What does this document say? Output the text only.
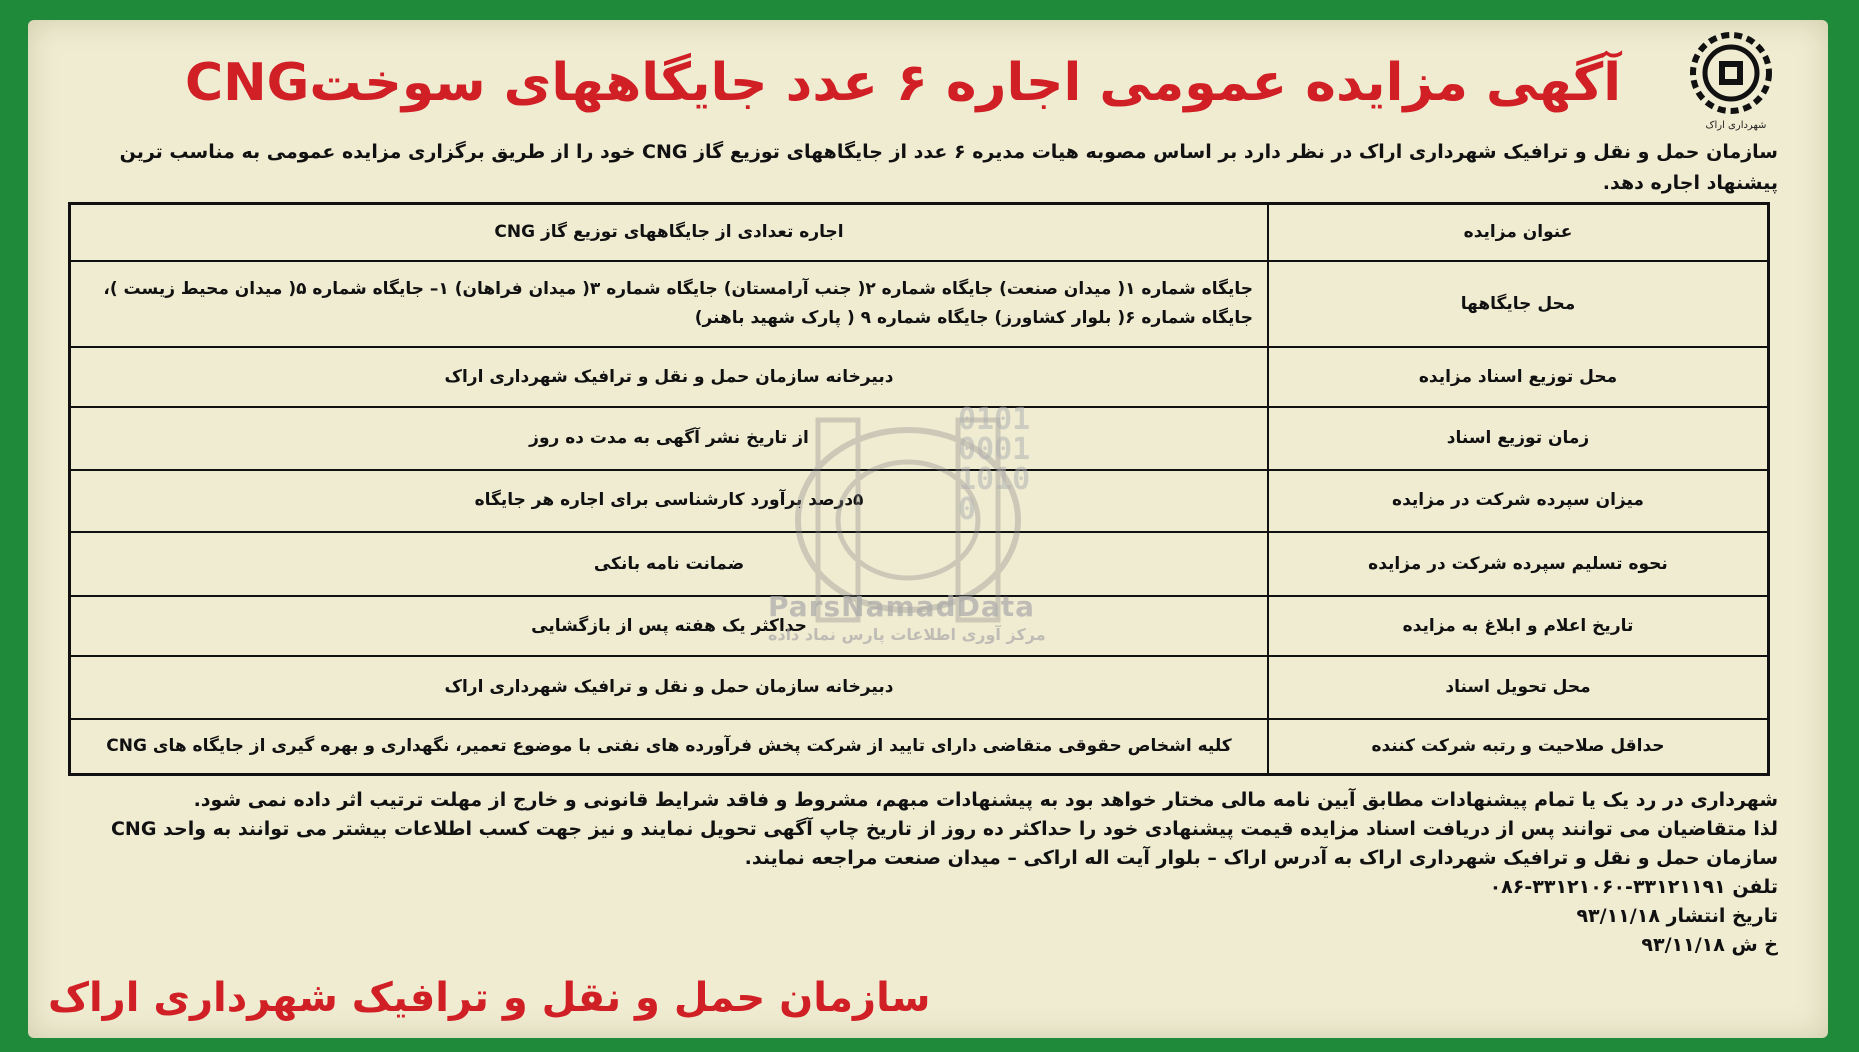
شهرداری اراک
آگهی مزایده عمومی اجاره ۶ عدد جایگاههای سوختCNG
سازمان حمل و نقل و ترافیک شهرداری اراک در نظر دارد بر اساس مصوبه هیات مدیره ۶ عدد از جایگاههای توزیع گاز CNG خود را از طریق برگزاری مزایده عمومی به مناسب ترین پیشنهاد اجاره دهد.
عنوان مزایده	اجاره تعدادی از جایگاههای توزیع گاز CNG
محل جایگاهها	جایگاه شماره ۱( میدان صنعت) جایگاه شماره ۲( جنب آرامستان) جایگاه شماره ۳( میدان فراهان) ۱– جایگاه شماره ۵( میدان محیط زیست )، جایگاه شماره ۶( بلوار کشاورز) جایگاه شماره ۹ ( پارک شهید باهنر)
محل توزیع اسناد مزایده	دبیرخانه سازمان حمل و نقل و ترافیک شهرداری اراک
زمان توزیع اسناد	از تاریخ نشر آگهی به مدت ده روز
میزان سپرده شرکت در مزایده	۵درصد برآورد کارشناسی برای اجاره هر جایگاه
نحوه تسلیم سپرده شرکت در مزایده	ضمانت نامه بانکی
تاریخ اعلام و ابلاغ به مزایده	حداکثر یک هفته پس از بازگشایی
محل تحویل اسناد	دبیرخانه سازمان حمل و نقل و ترافیک شهرداری اراک
حداقل صلاحیت و رتبه شرکت کننده	کلیه اشخاص حقوقی متقاضی دارای تایید از شرکت پخش فرآورده های نفتی با موضوع تعمیر، نگهداری و بهره گیری از جایگاه های CNG
0101
0001
1010
0
ParsNamadData
مرکز آوری اطلاعات پارس نماد داده

شهرداری در رد یک یا تمام پیشنهادات مطابق آیین نامه مالی مختار خواهد بود به پیشنهادات مبهم، مشروط و فاقد شرایط قانونی و خارج از مهلت ترتیب اثر داده نمی شود.

لذا متقاضیان می توانند پس از دریافت اسناد مزایده قیمت پیشنهادی خود را حداکثر ده روز از تاریخ چاپ آگهی تحویل نمایند و نیز جهت کسب اطلاعات بیشتر می توانند به واحد CNG سازمان حمل و نقل و ترافیک شهرداری اراک به آدرس اراک – بلوار آیت اله اراکی – میدان صنعت مراجعه نمایند.

تلفن ۳۳۱۲۱۱۹۱-۳۳۱۲۱۰۶۰-۰۸۶

تاریخ انتشار ۹۳/۱۱/۱۸

خ ش ۹۳/۱۱/۱۸

سازمان حمل و نقل و ترافیک شهرداری اراک
